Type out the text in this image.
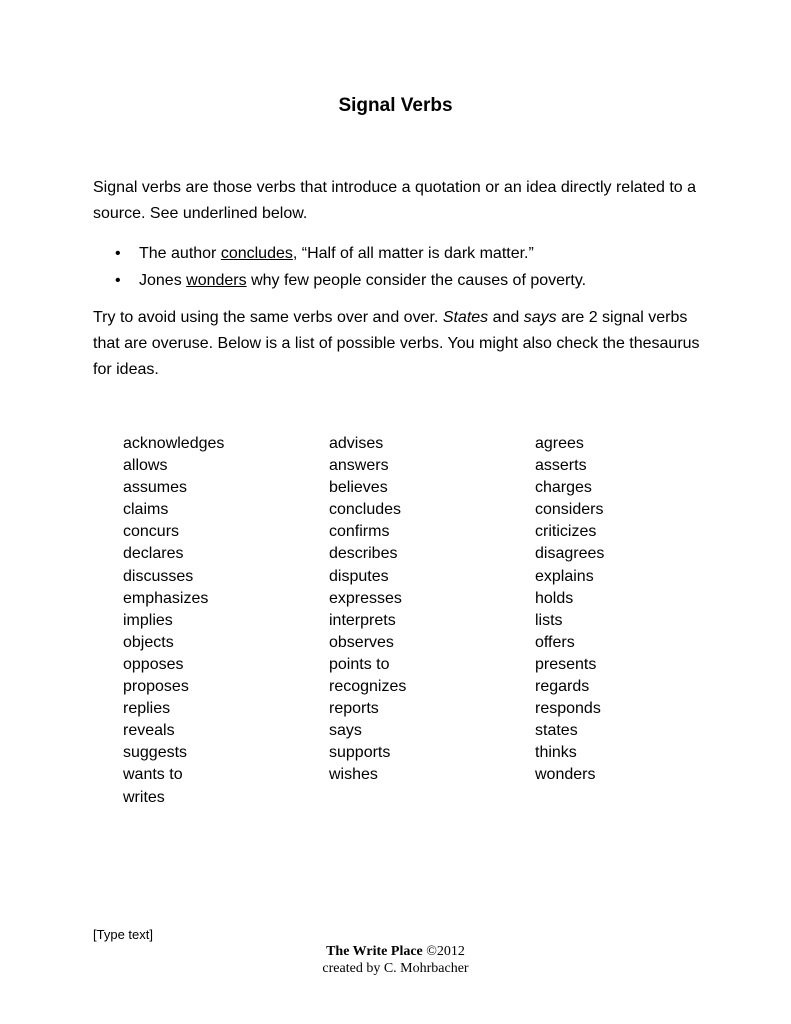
Signal Verbs

Signal verbs are those verbs that introduce a quotation or an idea directly related to a source. See underlined below.

• The author concludes, “Half of all matter is dark matter.”
• Jones wonders why few people consider the causes of poverty.

Try to avoid using the same verbs over and over. States and says are 2 signal verbs that are overuse. Below is a list of possible verbs. You might also check the thesaurus for ideas.

acknowledges
allows
assumes
claims
concurs
declares
discusses
emphasizes
implies
objects
opposes
proposes
replies
reveals
suggests
wants to
writes
advises
answers
believes
concludes
confirms
describes
disputes
expresses
interprets
observes
points to
recognizes
reports
says
supports
wishes
agrees
asserts
charges
considers
criticizes
disagrees
explains
holds
lists
offers
presents
regards
responds
states
thinks
wonders
[Type text]
The Write Place ©2012
created by C. Mohrbacher
